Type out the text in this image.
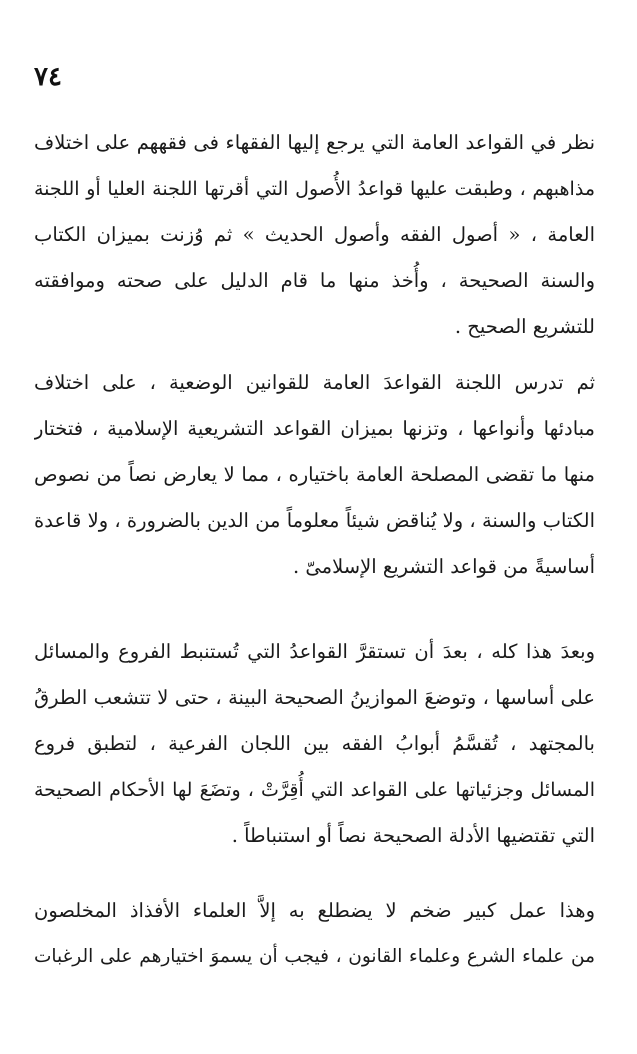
٤٧
نظر في القواعد العامة التي يرجع إليها الفقهاء فى فقههم على اختلاف
مذاهبهم ، وطبقت عليها قواعدُ الأُصول التي أقرتها اللجنة العليا أو اللجنة
العامة ، « أصول الفقه وأصول الحديث » ثم وُزنت بميزان الكتاب
والسنة الصحيحة ، وأُخذ منها ما قام الدليل على صحته وموافقته
للتشريع الصحيح .
ثم تدرس اللجنة القواعدَ العامة للقوانين الوضعية ، على اختلاف
مبادئها وأنواعها ، وتزنها بميزان القواعد التشريعية الإسلامية ، فتختار
منها ما تقضى المصلحة العامة باختياره ، مما لا يعارض نصاً من نصوص
الكتاب والسنة ، ولا يُناقض شيئاً معلوماً من الدين بالضرورة ، ولا قاعدة
أساسيةً من قواعد التشريع الإسلامىّ .
وبعدَ هذا كله ، بعدَ أن تستقرَّ القواعدُ التي تُستنبط الفروع والمسائل
على أساسها ، وتوضعَ الموازينُ الصحيحة البينة ، حتى لا تتشعب الطرقُ
بالمجتهد ، تُقسَّمُ أبوابُ الفقه بين اللجان الفرعية ، لتطبق فروع
المسائل وجزئياتها على القواعد التي أُقِرَّتْ ، وتضَعَ لها الأحكام الصحيحة
التي تقتضيها الأدلة الصحيحة نصاً أو استنباطاً .
وهذا عمل كبير ضخم لا يضطلع به إلاَّ العلماء الأفذاذ المخلصون
من علماء الشرع وعلماء القانون ، فيجب أن يسموَ اختيارهم على الرغبات
